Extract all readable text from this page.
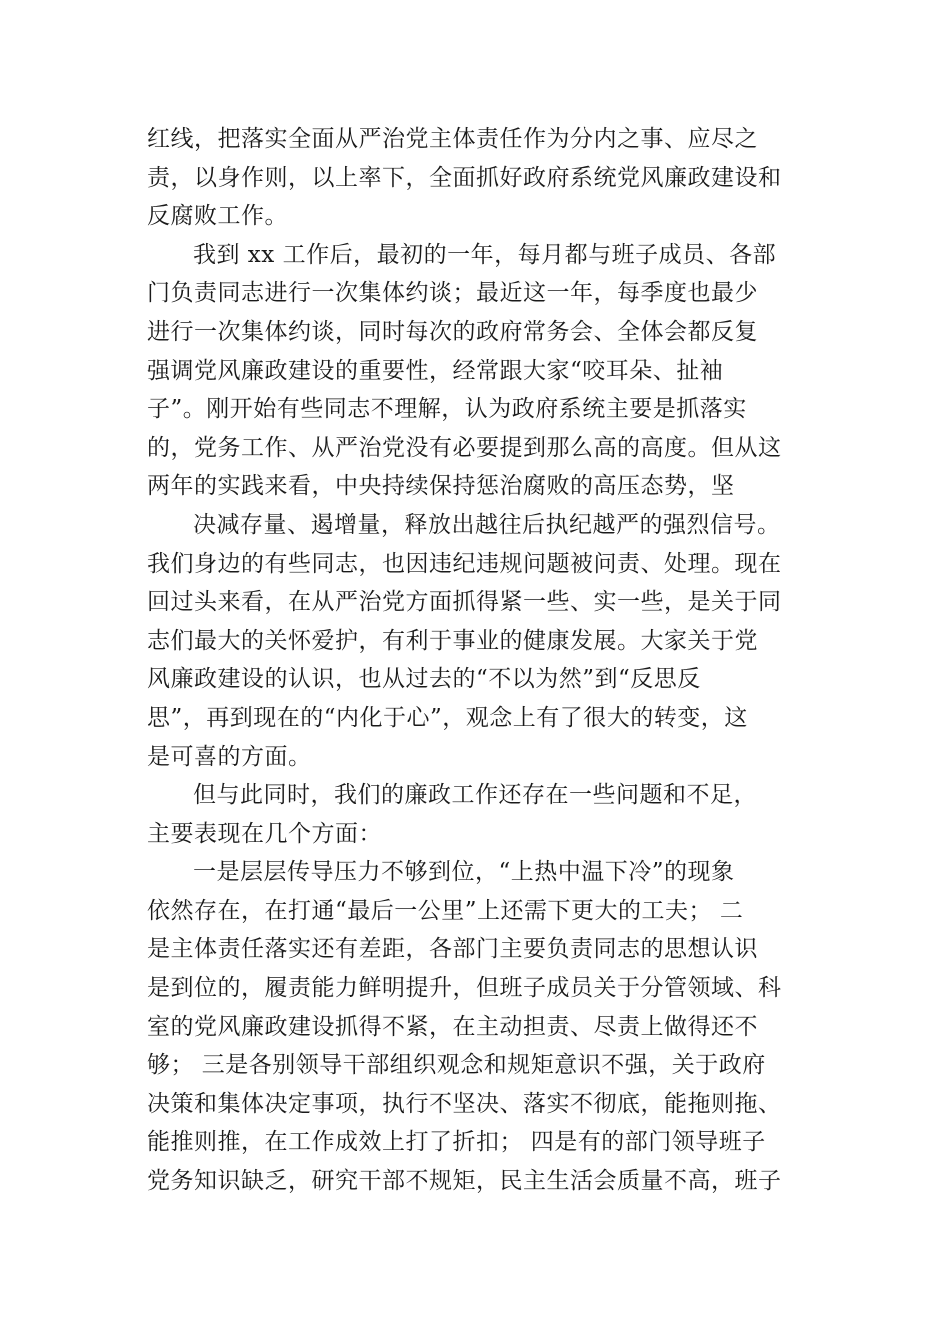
红线，把落实全面从严治党主体责任作为分内之事、应尽之
责，以身作则，以上率下，全面抓好政府系统党风廉政建设和
反腐败工作。

我到 xx 工作后，最初的一年，每月都与班子成员、各部
门负责同志进行一次集体约谈；最近这一年，每季度也最少
进行一次集体约谈，同时每次的政府常务会、全体会都反复
强调党风廉政建设的重要性，经常跟大家“咬耳朵、扯袖
子”。刚开始有些同志不理解，认为政府系统主要是抓落实
的，党务工作、从严治党没有必要提到那么高的高度。但从这
两年的实践来看，中央持续保持惩治腐败的高压态势，坚

决减存量、遏增量，释放出越往后执纪越严的强烈信号。
我们身边的有些同志，也因违纪违规问题被问责、处理。现在
回过头来看，在从严治党方面抓得紧一些、实一些，是关于同
志们最大的关怀爱护，有利于事业的健康发展。大家关于党
风廉政建设的认识，也从过去的“不以为然”到“反思反
思”，再到现在的“内化于心”，观念上有了很大的转变，这
是可喜的方面。

但与此同时，我们的廉政工作还存在一些问题和不足，

主要表现在几个方面：

一是层层传导压力不够到位，“上热中温下冷”的现象
依然存在，在打通“最后一公里”上还需下更大的工夫； 二
是主体责任落实还有差距，各部门主要负责同志的思想认识
是到位的，履责能力鲜明提升，但班子成员关于分管领域、科
室的党风廉政建设抓得不紧，在主动担责、尽责上做得还不
够； 三是各别领导干部组织观念和规矩意识不强，关于政府
决策和集体决定事项，执行不坚决、落实不彻底，能拖则拖、
能推则推，在工作成效上打了折扣； 四是有的部门领导班子
党务知识缺乏，研究干部不规矩，民主生活会质量不高，班子
